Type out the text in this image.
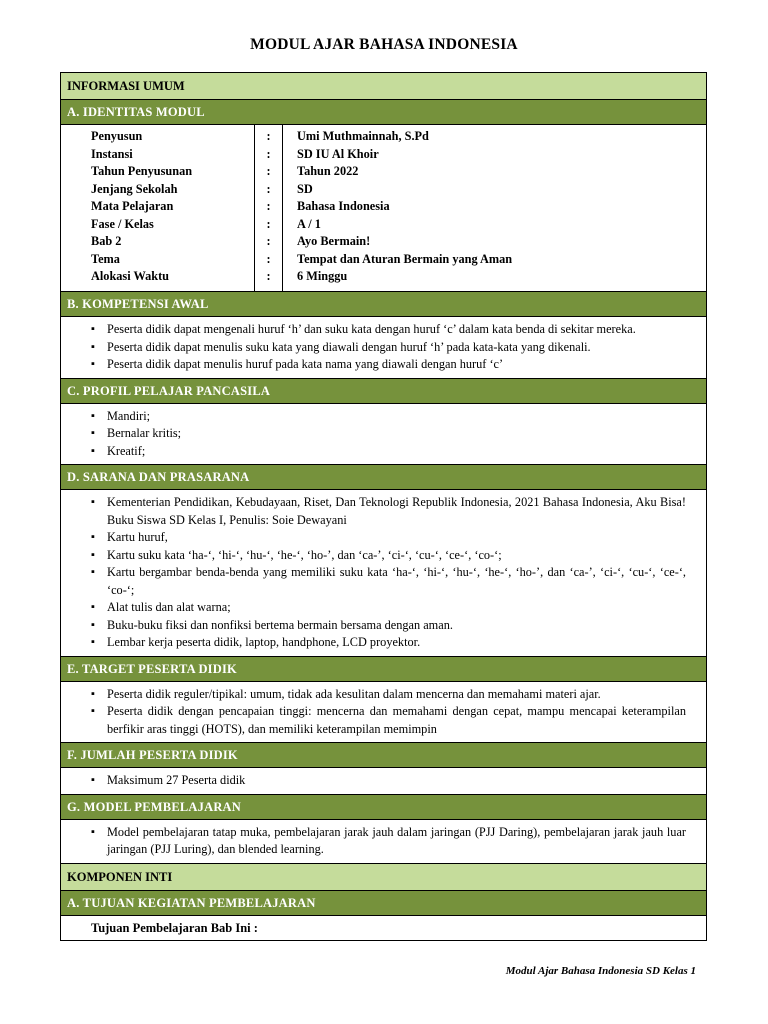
MODUL AJAR BAHASA INDONESIA
INFORMASI UMUM
A. IDENTITAS MODUL
Penyusun
Instansi
Tahun Penyusunan
Jenjang Sekolah
Mata Pelajaran
Fase / Kelas
Bab 2
Tema
Alokasi Waktu
:
:
:
:
:
:
:
:
:
Umi Muthmainnah, S.Pd
SD IU Al Khoir
Tahun 2022
SD
Bahasa Indonesia
A / 1
Ayo Bermain!
Tempat dan Aturan Bermain yang Aman
6 Minggu
B. KOMPETENSI AWAL
▪ Peserta didik dapat mengenali huruf ‘h’ dan suku kata dengan huruf ‘c’ dalam kata benda di sekitar mereka.
▪ Peserta didik dapat menulis suku kata yang diawali dengan huruf ‘h’ pada kata-kata yang dikenali.
▪ Peserta didik dapat menulis huruf pada kata nama yang diawali dengan huruf ‘c’
C. PROFIL PELAJAR PANCASILA
▪ Mandiri;
▪ Bernalar kritis;
▪ Kreatif;
D. SARANA DAN PRASARANA
▪ Kementerian Pendidikan, Kebudayaan, Riset, Dan Teknologi Republik Indonesia, 2021 Bahasa Indonesia, Aku Bisa! Buku Siswa SD Kelas I, Penulis: Soie Dewayani
▪ Kartu huruf,
▪ Kartu suku kata ‘ha-‘, ‘hi-‘, ‘hu-‘, ‘he-‘, ‘ho-’, dan ‘ca-’, ‘ci-‘, ‘cu-‘, ‘ce-‘, ‘co-‘;
▪ Kartu bergambar benda-benda yang memiliki suku kata ‘ha-‘, ‘hi-‘, ‘hu-‘, ‘he-‘, ‘ho-’, dan ‘ca-’, ‘ci-‘, ‘cu-‘, ‘ce-‘, ‘co-‘;
▪ Alat tulis dan alat warna;
▪ Buku-buku fiksi dan nonfiksi bertema bermain bersama dengan aman.
▪ Lembar kerja peserta didik, laptop, handphone, LCD proyektor.
E. TARGET PESERTA DIDIK
▪ Peserta didik reguler/tipikal: umum, tidak ada kesulitan dalam mencerna dan memahami materi ajar.
▪ Peserta didik dengan pencapaian tinggi: mencerna dan memahami dengan cepat, mampu mencapai keterampilan berfikir aras tinggi (HOTS), dan memiliki keterampilan memimpin
F. JUMLAH PESERTA DIDIK
▪ Maksimum 27 Peserta didik
G. MODEL PEMBELAJARAN
▪ Model pembelajaran tatap muka, pembelajaran jarak jauh dalam jaringan (PJJ Daring), pembelajaran jarak jauh luar jaringan (PJJ Luring), dan blended learning.
KOMPONEN INTI
A. TUJUAN KEGIATAN PEMBELAJARAN
Tujuan Pembelajaran Bab Ini :
Modul Ajar Bahasa Indonesia SD Kelas 1
